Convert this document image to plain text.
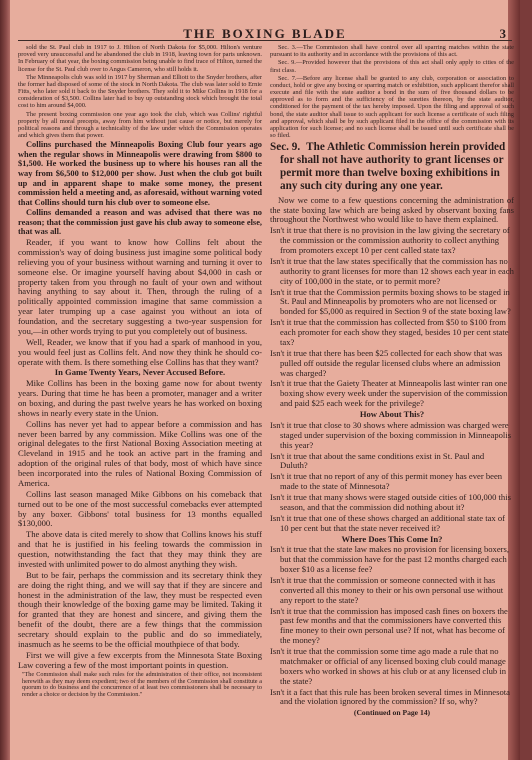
THE BOXING BLADE	3

sold the St. Paul club in 1917 to J. Hilton of North Dakota for $5,000. Hilton's venture proved very unsuccessful and he abandoned the club in 1918, leaving town for parts unknown. In February of that year, the boxing commission being unable to find trace of Hilton, turned the license for the St. Paul club over to Angus Cameron, who still holds it.

The Minneapolis club was sold in 1917 by Sherman and Elliott to the Snyder brothers, after the former had disposed of some of the stock in North Dakota. The club was later sold to Ernie Fitts, who later sold it back to the Snyder brothers. They sold it to Mike Collins in 1918 for a consideration of $3,500. Collins later had to buy up outstanding stock which brought the total cost to him around $4,000.

The present boxing commission one year ago took the club, which was Collins' rightful property by all moral precepts, away from him without just cause or notice, but merely for political reasons and through a technicality of the law under which the Commission operates and which gives them that power.

Collins purchased the Minneapolis Boxing Club four years ago when the regular shows in Minneapolis were drawing from $800 to $1,500. He worked the business up to where his houses ran all the way from $6,500 to $12,000 per show. Just when the club got built up and in apparent shape to make some money, the present commission held a meeting and, as aforesaid, without warning voted that Collins should turn his club over to someone else.

Collins demanded a reason and was advised that there was no reason; that the commission just gave his club away to someone else, that was all.

Reader, if you want to know how Collins felt about the commission's way of doing business just imagine some political body relieving you of your business without warning and turning it over to someone else. Or imagine yourself having about $4,000 in cash or property taken from you through no fault of your own and without having anything to say about it. Then, through the ruling of a politically appointed commission imagine that same commission a year later trumping up a case against you without an iota of foundation, and the secretary suggesting a two-year suspension for you,—in other words trying to put you completely out of business.

Well, Reader, we know that if you had a spark of manhood in you, you would feel just as Collins felt. And now they think he should co-operate with them. Is there something else Collins has that they want?

In Game Twenty Years, Never Accused Before.

Mike Collins has been in the boxing game now for about twenty years. During that time he has been a promoter, manager and a writer on boxing, and during the past twelve years he has worked on boxing shows in nearly every state in the Union.

Collins has never yet had to appear before a commission and has never been barred by any commission. Mike Collins was one of the original delegates to the first National Boxing Association meeting at Cleveland in 1915 and he took an active part in the framing and adoption of the original rules of that body, most of which have since been incorporated into the rules of National Boxing Commission of America.

Collins last season managed Mike Gibbons on his comeback that turned out to be one of the most successful comebacks ever attempted by any boxer. Gibbons' total business for 13 months equalled $130,000.

The above data is cited merely to show that Collins knows his stuff and that he is justified in his feeling towards the commission in question, notwithstanding the fact that they may think they are invested with unlimited power to do almost anything they wish.

But to be fair, perhaps the commission and its secretary think they are doing the right thing, and we will say that if they are sincere and honest in the administration of the law, they must be respected even though their knowledge of the boxing game may be limited. Taking it for granted that they are honest and sincere, and giving them the benefit of the doubt, there are a few things that the commission secretary should explain to the public and do so immediately, inasmuch as he seems to be the official mouthpiece of that body.

First we will give a few excerpts from the Minnesota State Boxing Law covering a few of the most important points in question.

"The Commission shall make such rules for the administration of their office, not inconsistent herewith as they may deem expedient; two of the members of the Commission shall constitute a quorum to do business and the concurrence of at least two commissioners shall be necessary to render a choice or decision by the Commission."

Sec. 3.—The Commission shall have control over all sparring matches within the state pursuant to its authority and in accordance with the provisions of this act.

Sec. 9.—Provided however that the provisions of this act shall only apply to cities of the first class.

Sec. 7.—Before any license shall be granted to any club, corporation or association to conduct, hold or give any boxing or sparring match or exhibition, such applicant therefor shall execute and file with the state auditor a bond in the sum of five thousand dollars to be approved as to form and the sufficiency of the sureties thereon, by the state auditor, conditioned for the payment of the tax hereby imposed. Upon the filing and approval of such bond, the state auditor shall issue to such applicant for such license a certificate of such filing and approval, which shall be by such applicant filed in the office of the commission with its application for such license; and no such license shall be issued until such certificate shall be so filed.

Sec. 9. The Athletic Commission herein provided for shall not have authority to grant licenses or permit more than twelve boxing exhibitions in any such city during any one year.

Now we come to a few questions concerning the administration of the state boxing law which are being asked by observant boxing fans throughout the Northwest who would like to have them explained.

Isn't it true that there is no provision in the law giving the secretary of the commission or the commission authority to collect anything from promoters except 10 per cent called state tax?

Isn't it true that the law states specifically that the commission has no authority to grant licenses for more than 12 shows each year in each city of 100,000 in the state, or to permit more?

Isn't it true that the Commission permits boxing shows to be staged in St. Paul and Minneapolis by promoters who are not licensed or bonded for $5,000 as required in Section 9 of the state boxing law?

Isn't it true that the commission has collected from $50 to $100 from each promoter for each show they staged, besides 10 per cent state tax?

Isn't it true that there has been $25 collected for each show that was pulled off outside the regular licensed clubs where an admission was charged?

Isn't it true that the Gaiety Theater at Minneapolis last winter ran one boxing show every week under the supervision of the commission and paid $25 each week for the privilege?

How About This?

Isn't it true that close to 30 shows where admission was charged were staged under supervision of the boxing commission in Minneapolis this year?

Isn't it true that about the same conditions exist in St. Paul and Duluth?

Isn't it true that no report of any of this permit money has ever been made to the state of Minnesota?

Isn't it true that many shows were staged outside cities of 100,000 this season, and that the commission did nothing about it?

Isn't it true that one of these shows charged an additional state tax of 10 per cent but that the state never received it?

Where Does This Come In?

Isn't it true that the state law makes no provision for licensing boxers, but that the commission have for the past 12 months charged each boxer $10 as a license fee?

Isn't it true that the commission or someone connected with it has converted all this money to their or his own personal use without any report to the state?

Isn't it true that the commission has imposed cash fines on boxers the past few months and that the commissioners have converted this fine money to their own personal use? If not, what has become of the money?

Isn't it true that the commission some time ago made a rule that no matchmaker or official of any licensed boxing club could manage boxers who worked in shows at his club or at any licensed club in the state?

Isn't it a fact that this rule has been broken several times in Minnesota and the violation ignored by the commission? If so, why?

(Continued on Page 14)
